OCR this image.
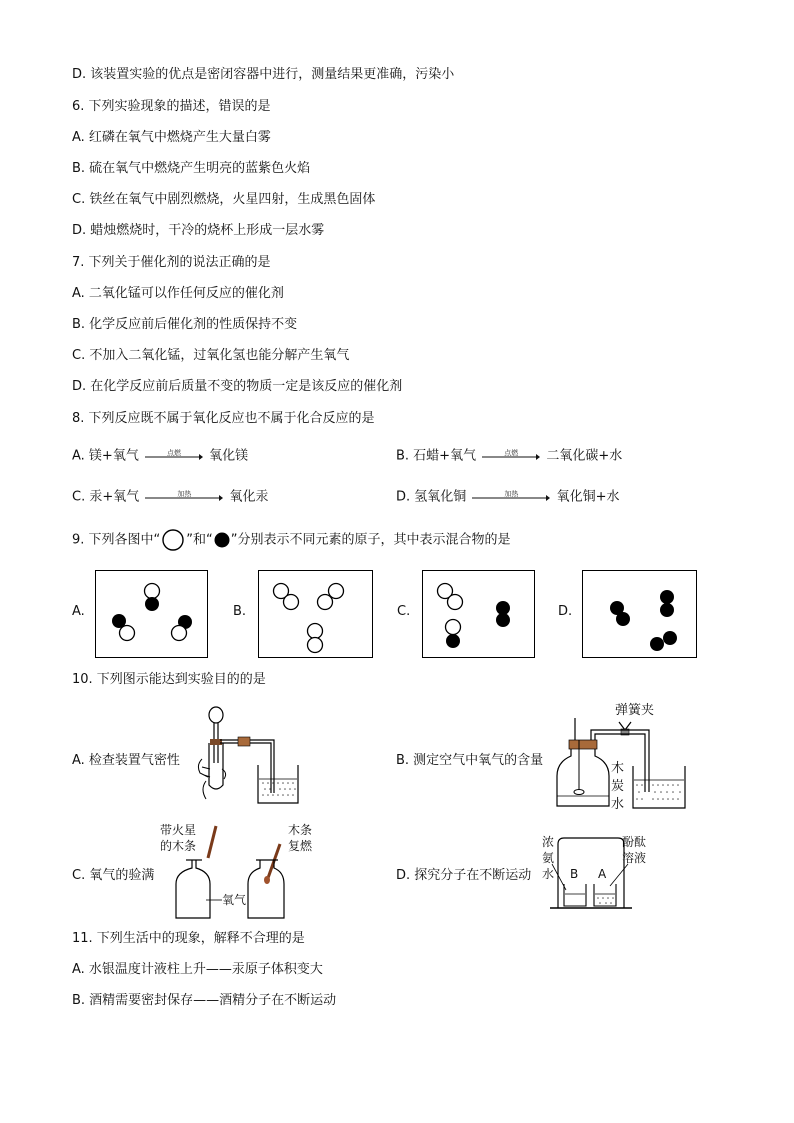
D. 该装置实验的优点是密闭容器中进行，测量结果更准确，污染小
6. 下列实验现象的描述，错误的是
A. 红磷在氧气中燃烧产生大量白雾
B. 硫在氧气中燃烧产生明亮的蓝紫色火焰
C. 铁丝在氧气中剧烈燃烧，火星四射，生成黑色固体
D. 蜡烛燃烧时，干冷的烧杯上形成一层水雾
7. 下列关于催化剂的说法正确的是
A. 二氧化锰可以作任何反应的催化剂
B. 化学反应前后催化剂的性质保持不变
C. 不加入二氧化锰，过氧化氢也能分解产生氧气
D. 在化学反应前后质量不变的物质一定是该反应的催化剂
8. 下列反应既不属于氧化反应也不属于化合反应的是
A. 镁+氧气	点燃	氧化镁	B. 石蜡+氧气	点燃	二氧化碳+水
C. 汞+氧气	加热	氧化汞	D. 氢氧化铜	加热	氧化铜+水
9. 下列各图中“ ”和“ ”分别表示不同元素的原子，其中表示混合物的是
A.	B.	C.	D.
10. 下列图示能达到实验目的的是
A. 检查装置气密性	B. 测定空气中氧气的含量
弹簧夹
木
炭
水
C. 氧气的验满
带火星
的木条
木条
复燃
氧气
D. 探究分子在不断运动
浓
氨
水
酚酞
溶液
B A
11. 下列生活中的现象，解释不合理的是
A. 水银温度计液柱上升——汞原子体积变大
B. 酒精需要密封保存——酒精分子在不断运动
